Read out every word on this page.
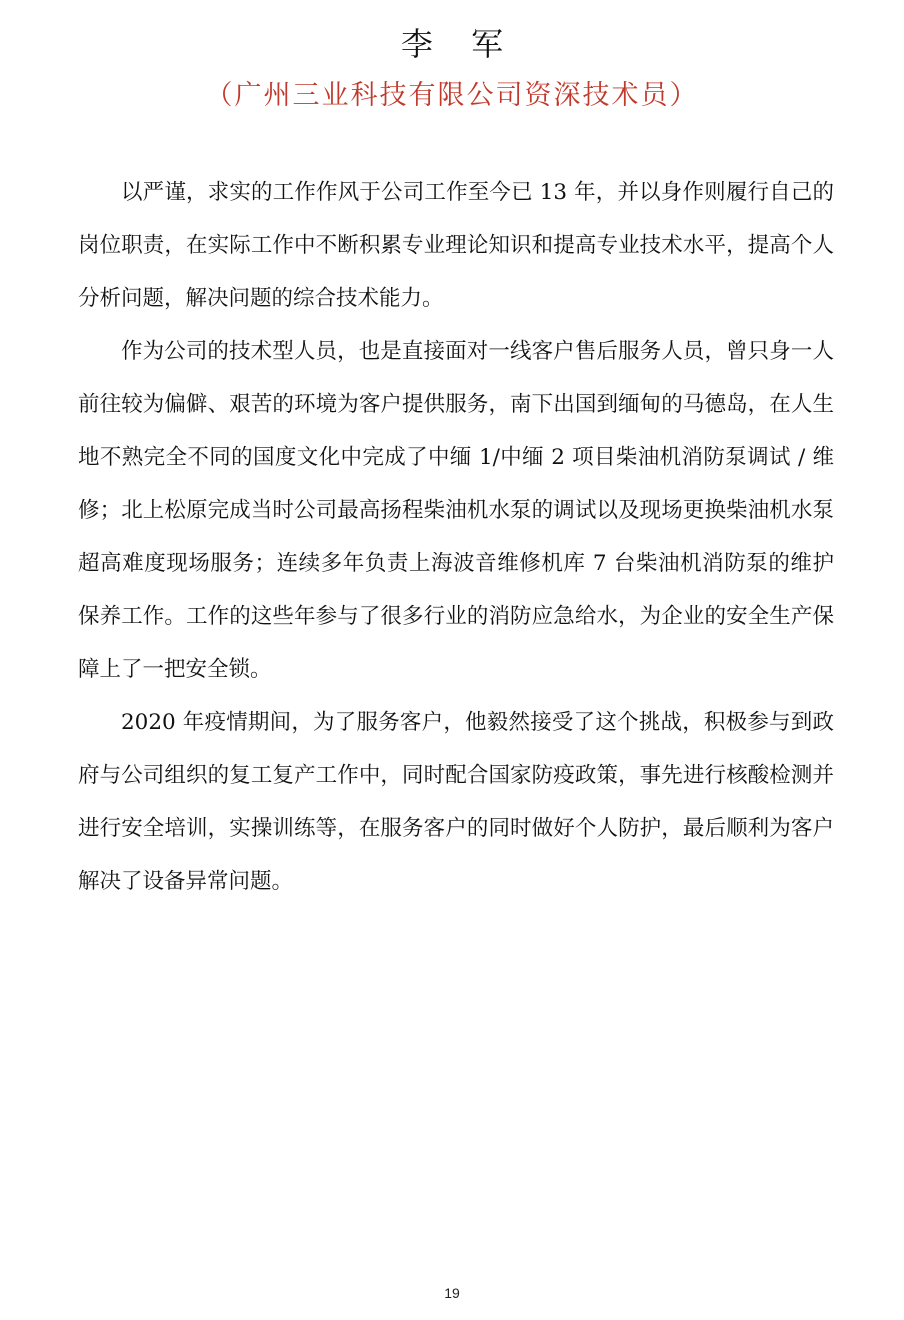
李 军
（广州三业科技有限公司资深技术员）

以严谨，求实的工作作风于公司工作至今已 13 年，并以身作则履行自己的岗位职责，在实际工作中不断积累专业理论知识和提高专业技术水平，提高个人分析问题，解决问题的综合技术能力。

作为公司的技术型人员，也是直接面对一线客户售后服务人员，曾只身一人前往较为偏僻、艰苦的环境为客户提供服务，南下出国到缅甸的马德岛，在人生地不熟完全不同的国度文化中完成了中缅 1/中缅 2 项目柴油机消防泵调试 / 维修；北上松原完成当时公司最高扬程柴油机水泵的调试以及现场更换柴油机水泵超高难度现场服务；连续多年负责上海波音维修机库 7 台柴油机消防泵的维护保养工作。工作的这些年参与了很多行业的消防应急给水，为企业的安全生产保障上了一把安全锁。

2020 年疫情期间，为了服务客户，他毅然接受了这个挑战，积极参与到政府与公司组织的复工复产工作中，同时配合国家防疫政策，事先进行核酸检测并进行安全培训，实操训练等，在服务客户的同时做好个人防护，最后顺利为客户解决了设备异常问题。

19
